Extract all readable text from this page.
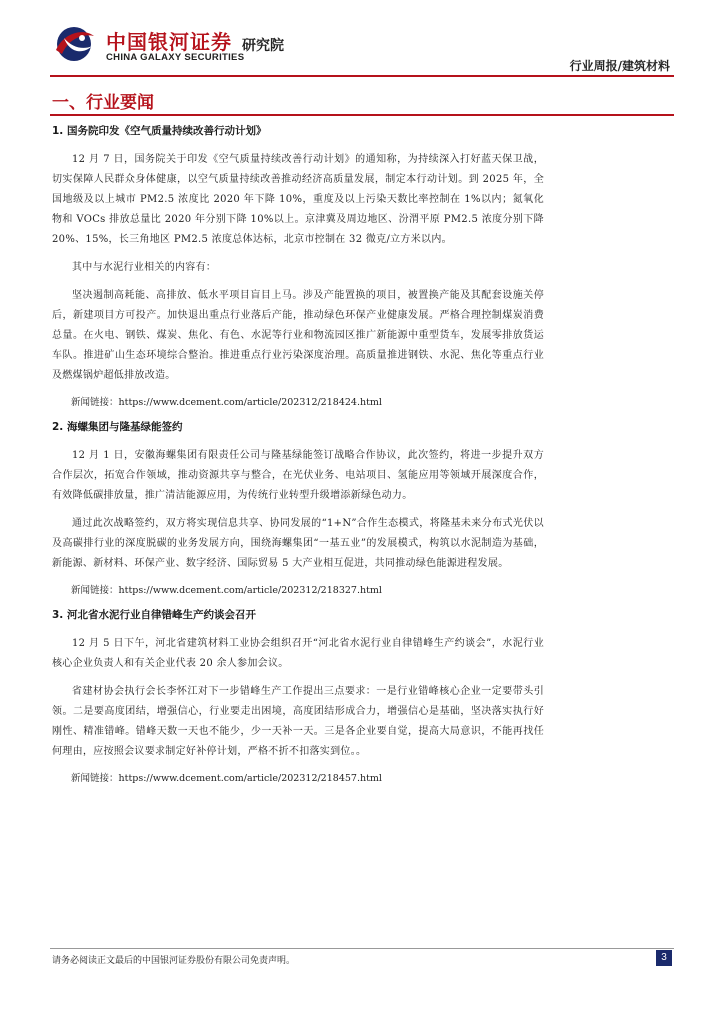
中国银河证券
CHINA GALAXY SECURITIES
研究院
行业周报/建筑材料
一、行业要闻
1. 国务院印发《空气质量持续改善行动计划》

12 月 7 日，国务院关于印发《空气质量持续改善行动计划》的通知称，为持续深入打好蓝天保卫战，切实保障人民群众身体健康，以空气质量持续改善推动经济高质量发展，制定本行动计划。到 2025 年，全国地级及以上城市 PM2.5 浓度比 2020 年下降 10%，重度及以上污染天数比率控制在 1%以内；氮氧化物和 VOCs 排放总量比 2020 年分别下降 10%以上。京津冀及周边地区、汾渭平原 PM2.5 浓度分别下降 20%、15%，长三角地区 PM2.5 浓度总体达标，北京市控制在 32 微克/立方米以内。

其中与水泥行业相关的内容有：

坚决遏制高耗能、高排放、低水平项目盲目上马。涉及产能置换的项目，被置换产能及其配套设施关停后，新建项目方可投产。加快退出重点行业落后产能，推动绿色环保产业健康发展。严格合理控制煤炭消费总量。在火电、钢铁、煤炭、焦化、有色、水泥等行业和物流园区推广新能源中重型货车，发展零排放货运车队。推进矿山生态环境综合整治。推进重点行业污染深度治理。高质量推进钢铁、水泥、焦化等重点行业及燃煤锅炉超低排放改造。

新闻链接：https://www.dcement.com/article/202312/218424.html

2. 海螺集团与隆基绿能签约

12 月 1 日，安徽海螺集团有限责任公司与隆基绿能签订战略合作协议，此次签约，将进一步提升双方合作层次，拓宽合作领域，推动资源共享与整合，在光伏业务、电站项目、氢能应用等领域开展深度合作，有效降低碳排放量，推广清洁能源应用，为传统行业转型升级增添新绿色动力。

通过此次战略签约，双方将实现信息共享、协同发展的“1+N”合作生态模式，将隆基未来分布式光伏以及高碳排行业的深度脱碳的业务发展方向，围绕海螺集团“一基五业”的发展模式，构筑以水泥制造为基础，新能源、新材料、环保产业、数字经济、国际贸易 5 大产业相互促进，共同推动绿色能源进程发展。

新闻链接：https://www.dcement.com/article/202312/218327.html

3. 河北省水泥行业自律错峰生产约谈会召开

12 月 5 日下午，河北省建筑材料工业协会组织召开“河北省水泥行业自律错峰生产约谈会”，水泥行业核心企业负责人和有关企业代表 20 余人参加会议。

省建材协会执行会长李怀江对下一步错峰生产工作提出三点要求：一是行业错峰核心企业一定要带头引领。二是要高度团结，增强信心，行业要走出困境，高度团结形成合力，增强信心是基础，坚决落实执行好刚性、精准错峰。错峰天数一天也不能少，少一天补一天。三是各企业要自觉，提高大局意识，不能再找任何理由，应按照会议要求制定好补停计划，严格不折不扣落实到位。。

新闻链接：https://www.dcement.com/article/202312/218457.html

请务必阅读正文最后的中国银河证券股份有限公司免责声明。	3
